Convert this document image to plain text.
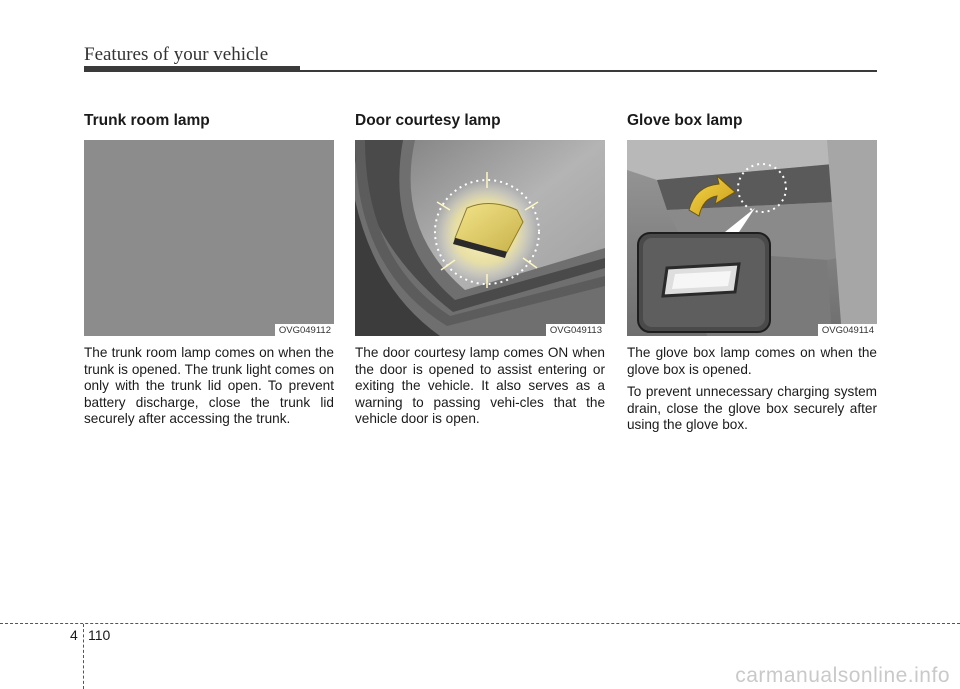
Features of your vehicle
Trunk room lamp
OVG049112

The trunk room lamp comes on when the trunk is opened. The trunk light comes on only with the trunk lid open. To prevent battery discharge, close the trunk lid securely after accessing the trunk.

Door courtesy lamp
OVG049113

The door courtesy lamp comes ON when the door is opened to assist entering or exiting the vehicle. It also serves as a warning to passing vehi-cles that the vehicle door is open.

Glove box lamp
OVG049114

The glove box lamp comes on when the glove box is opened.

To prevent unnecessary charging system drain, close the glove box securely after using the glove box.

4 110
carmanualsonline.info
